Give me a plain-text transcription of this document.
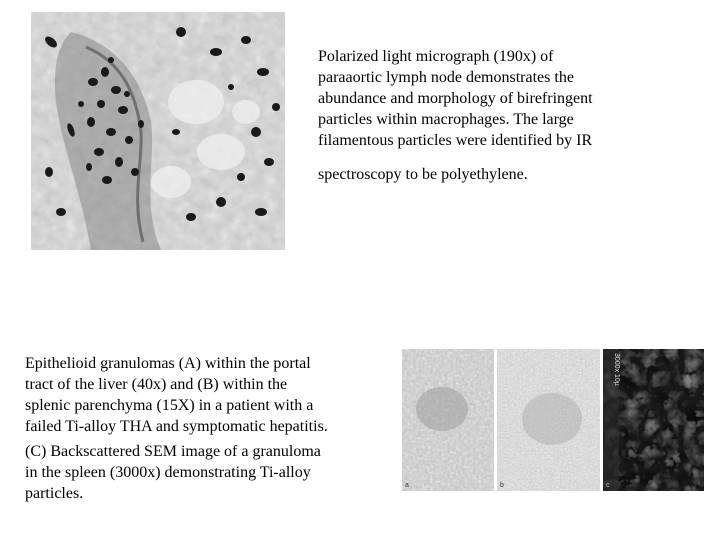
Polarized light micrograph (190x) of
paraaortic lymph node demonstrates the
abundance and morphology of birefringent
particles within macrophages. The large
filamentous particles were identified by IR
spectroscopy to be polyethylene.

Epithelioid granulomas (A) within the portal
tract of the liver (40x) and (B) within the
splenic parenchyma (15X) in a patient with a
failed Ti-alloy THA and symptomatic hepatitis.
(C) Backscattered SEM image of a granuloma
in the spleen (3000x) demonstrating Ti-alloy
particles.	a	b
3000x 10µ
c
